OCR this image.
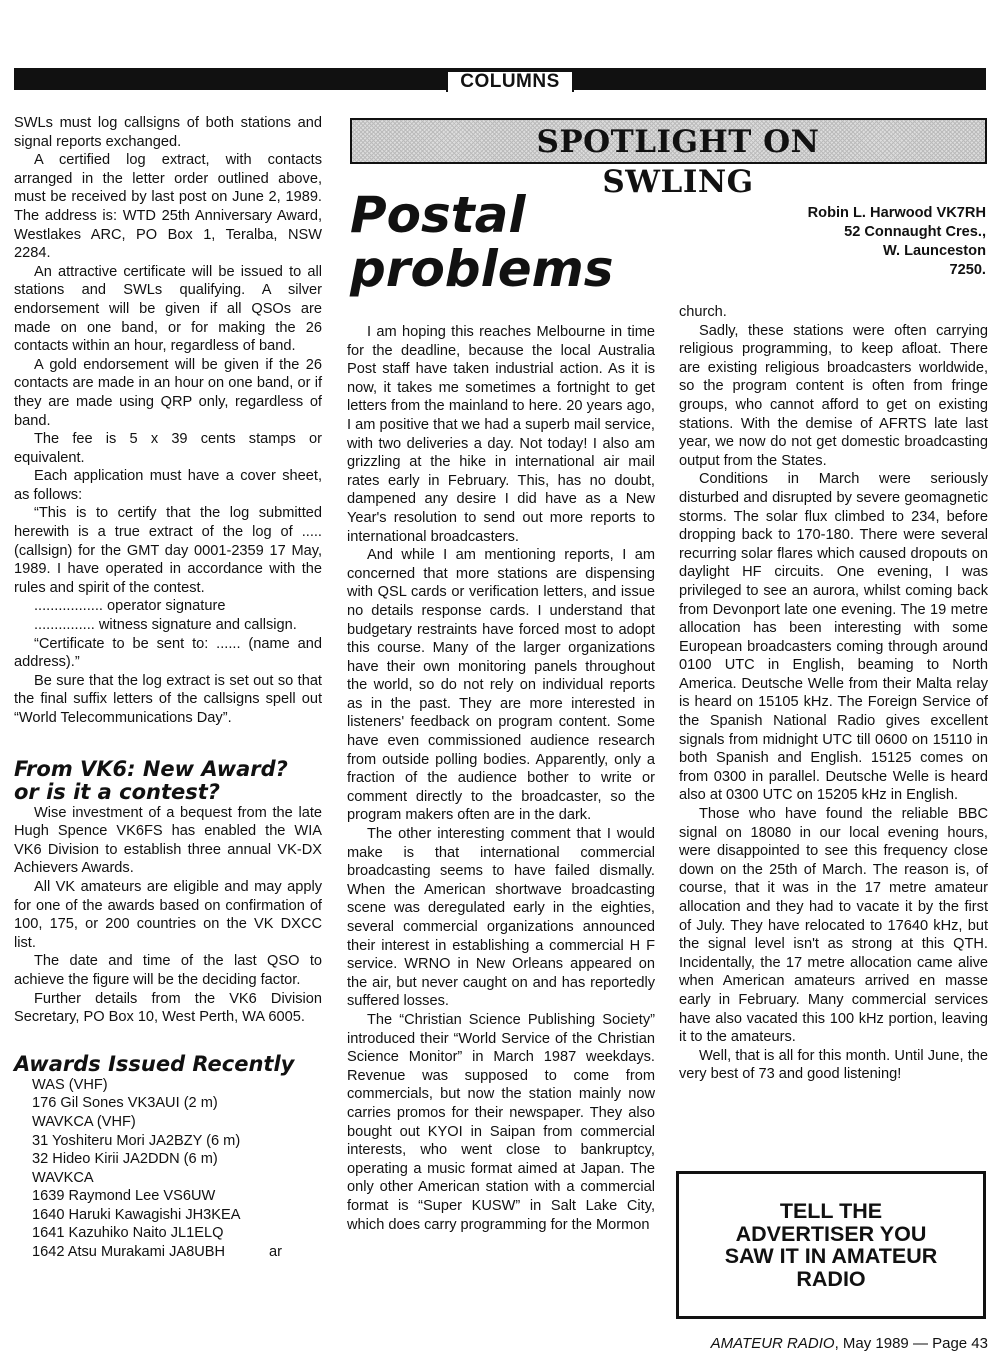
COLUMNS

SWLs must log callsigns of both stations and signal reports exchanged.

A certified log extract, with contacts arranged in the letter order outlined above, must be received by last post on June 2, 1989. The address is: WTD 25th Anniversary Award, Westlakes ARC, PO Box 1, Teralba, NSW 2284.

An attractive certificate will be issued to all stations and SWLs qualifying. A silver endorsement will be given if all QSOs are made on one band, or for making the 26 contacts within an hour, regardless of band.

A gold endorsement will be given if the 26 contacts are made in an hour on one band, or if they are made using QRP only, regardless of band.

The fee is 5 x 39 cents stamps or equivalent.

Each application must have a cover sheet, as follows:

“This is to certify that the log submitted herewith is a true extract of the log of ..... (callsign) for the GMT day 0001-2359 17 May, 1989. I have operated in accordance with the rules and spirit of the contest.

................. operator signature

............... witness signature and callsign.

“Certificate to be sent to: ...... (name and address).”

Be sure that the log extract is set out so that the final suffix letters of the callsigns spell out “World Telecommunications Day”.

From VK6: New Award?
or is it a contest?

Wise investment of a bequest from the late Hugh Spence VK6FS has enabled the WIA VK6 Division to establish three annual VK-DX Achievers Awards.

All VK amateurs are eligible and may apply for one of the awards based on confirmation of 100, 175, or 200 countries on the VK DXCC list.

The date and time of the last QSO to achieve the figure will be the deciding factor.

Further details from the VK6 Division Secretary, PO Box 10, West Perth, WA 6005.

Awards Issued Recently
WAS (VHF)
176 Gil Sones VK3AUI (2 m)
WAVKCA (VHF)
31 Yoshiteru Mori JA2BZY (6 m)
32 Hideo Kirii JA2DDN (6 m)
WAVKCA
1639 Raymond Lee VS6UW
1640 Haruki Kawagishi JH3KEA
1641 Kazuhiko Naito JL1ELQ
1642 Atsu Murakami JA8UBH	ar
SPOTLIGHT ON SWLING
Postal
problems
Robin L. Harwood VK7RH
52 Connaught Cres.,
W. Launceston
7250.

I am hoping this reaches Melbourne in time for the deadline, because the local Australia Post staff have taken industrial action. As it is now, it takes me sometimes a fortnight to get letters from the mainland to here. 20 years ago, I am positive that we had a superb mail service, with two deliveries a day. Not today! I also am grizzling at the hike in international air mail rates early in February. This, has no doubt, dampened any desire I did have as a New Year's resolution to send out more reports to international broadcasters.

And while I am mentioning reports, I am concerned that more stations are dispensing with QSL cards or verification letters, and issue no details response cards. I understand that budgetary restraints have forced most to adopt this course. Many of the larger organizations have their own monitoring panels throughout the world, so do not rely on individual reports as in the past. They are more interested in listeners' feedback on program content. Some have even commissioned audience research from outside polling bodies. Apparently, only a fraction of the audience bother to write or comment directly to the broadcaster, so the program makers often are in the dark.

The other interesting comment that I would make is that international commercial broadcasting seems to have failed dismally. When the American shortwave broadcasting scene was deregulated early in the eighties, several commercial organizations announced their interest in establishing a commercial H F service. WRNO in New Orleans appeared on the air, but never caught on and has reportedly suffered losses.

The “Christian Science Publishing Society” introduced their “World Service of the Christian Science Monitor” in March 1987 weekdays. Revenue was supposed to come from commercials, but now the station mainly now carries promos for their newspaper. They also bought out KYOI in Saipan from commercial interests, who went close to bankruptcy, operating a music format aimed at Japan. The only other American station with a commercial format is “Super KUSW” in Salt Lake City, which does carry programming for the Mormon

church.

Sadly, these stations were often carrying religious programming, to keep afloat. There are existing religious broadcasters worldwide, so the program content is often from fringe groups, who cannot afford to get on existing stations. With the demise of AFRTS late last year, we now do not get domestic broadcasting output from the States.

Conditions in March were seriously disturbed and disrupted by severe geomagnetic storms. The solar flux climbed to 234, before dropping back to 170-180. There were several recurring solar flares which caused dropouts on daylight HF circuits. One evening, I was privileged to see an aurora, whilst coming back from Devonport late one evening. The 19 metre allocation has been interesting with some European broadcasters coming through around 0100 UTC in English, beaming to North America. Deutsche Welle from their Malta relay is heard on 15105 kHz. The Foreign Service of the Spanish National Radio gives excellent signals from midnight UTC till 0600 on 15110 in both Spanish and English. 15125 comes on from 0300 in parallel. Deutsche Welle is heard also at 0300 UTC on 15205 kHz in English.

Those who have found the reliable BBC signal on 18080 in our local evening hours, were disappointed to see this frequency close down on the 25th of March. The reason is, of course, that it was in the 17 metre amateur allocation and they had to vacate it by the first of July. They have relocated to 17640 kHz, but the signal level isn't as strong at this QTH. Incidentally, the 17 metre allocation came alive when American amateurs arrived en masse early in February. Many commercial services have also vacated this 100 kHz portion, leaving it to the amateurs.

Well, that is all for this month. Until June, the very best of 73 and good listening!

TELL THE ADVERTISER YOU SAW IT IN AMATEUR RADIO
AMATEUR RADIO, May 1989 — Page 43
